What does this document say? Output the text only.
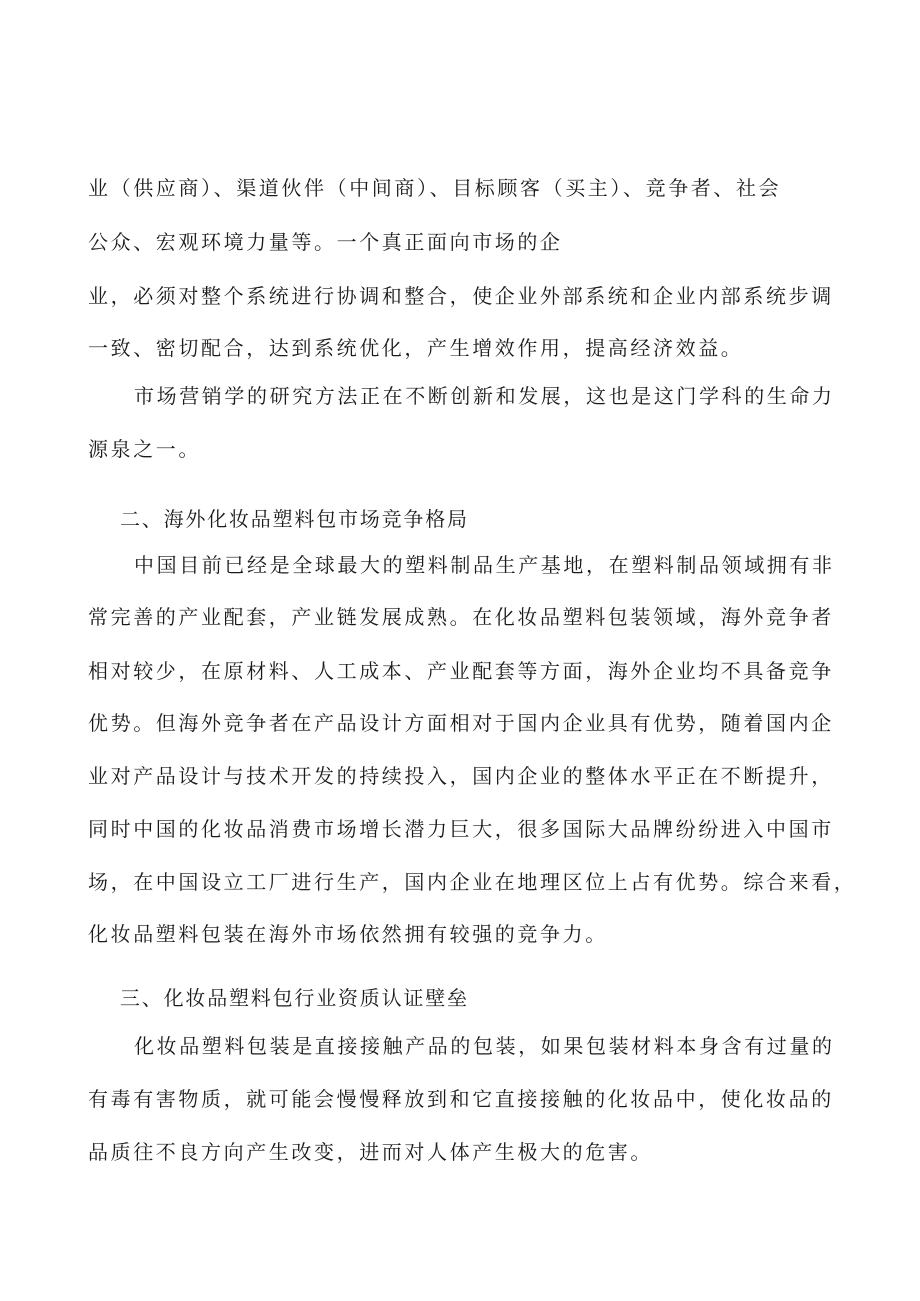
业（供应商）、渠道伙伴（中间商）、目标顾客（买主）、竞争者、社会
公众、宏观环境力量等。一个真正面向市场的企
业，必须对整个系统进行协调和整合，使企业外部系统和企业内部系统步调
一致、密切配合，达到系统优化，产生增效作用，提高经济效益。
市场营销学的研究方法正在不断创新和发展，这也是这门学科的生命力
源泉之一。
二、海外化妆品塑料包市场竞争格局
中国目前已经是全球最大的塑料制品生产基地，在塑料制品领域拥有非
常完善的产业配套，产业链发展成熟。在化妆品塑料包装领域，海外竞争者
相对较少，在原材料、人工成本、产业配套等方面，海外企业均不具备竞争
优势。但海外竞争者在产品设计方面相对于国内企业具有优势，随着国内企
业对产品设计与技术开发的持续投入，国内企业的整体水平正在不断提升，
同时中国的化妆品消费市场增长潜力巨大，很多国际大品牌纷纷进入中国市
场，在中国设立工厂进行生产，国内企业在地理区位上占有优势。综合来看，
化妆品塑料包装在海外市场依然拥有较强的竞争力。
三、化妆品塑料包行业资质认证壁垒
化妆品塑料包装是直接接触产品的包装，如果包装材料本身含有过量的
有毒有害物质，就可能会慢慢释放到和它直接接触的化妆品中，使化妆品的
品质往不良方向产生改变，进而对人体产生极大的危害。
